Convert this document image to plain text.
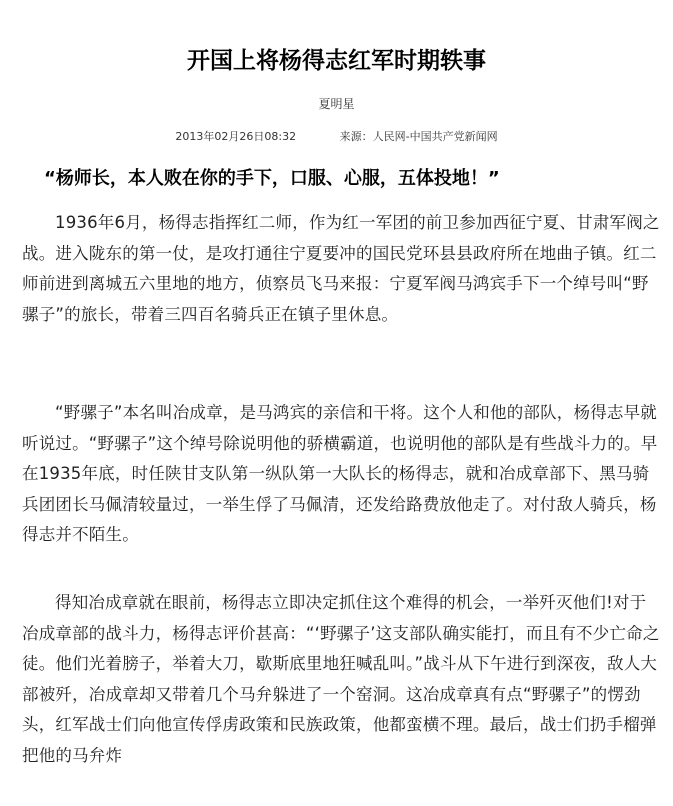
开国上将杨得志红军时期轶事
夏明星
2013年02月26日08:32	来源：人民网-中国共产党新闻网

“杨师长，本人败在你的手下，口服、心服，五体投地！”

1936年6月，杨得志指挥红二师，作为红一军团的前卫参加西征宁夏、甘肃军阀之战。进入陇东的第一仗，是攻打通往宁夏要冲的国民党环县县政府所在地曲子镇。红二师前进到离城五六里地的地方，侦察员飞马来报：宁夏军阀马鸿宾手下一个绰号叫“野骡子”的旅长，带着三四百名骑兵正在镇子里休息。

“野骡子”本名叫冶成章，是马鸿宾的亲信和干将。这个人和他的部队，杨得志早就听说过。“野骡子”这个绰号除说明他的骄横霸道，也说明他的部队是有些战斗力的。早在1935年底，时任陕甘支队第一纵队第一大队长的杨得志，就和冶成章部下、黑马骑兵团团长马佩清较量过，一举生俘了马佩清，还发给路费放他走了。对付敌人骑兵，杨得志并不陌生。

得知冶成章就在眼前，杨得志立即决定抓住这个难得的机会，一举歼灭他们!对于冶成章部的战斗力，杨得志评价甚高：“‘野骡子’这支部队确实能打，而且有不少亡命之徒。他们光着膀子，举着大刀，歇斯底里地狂喊乱叫。”战斗从下午进行到深夜，敌人大部被歼，冶成章却又带着几个马弁躲进了一个窑洞。这冶成章真有点“野骡子”的愣劲头，红军战士们向他宣传俘虏政策和民族政策，他都蛮横不理。最后，战士们扔手榴弹把他的马弁炸
